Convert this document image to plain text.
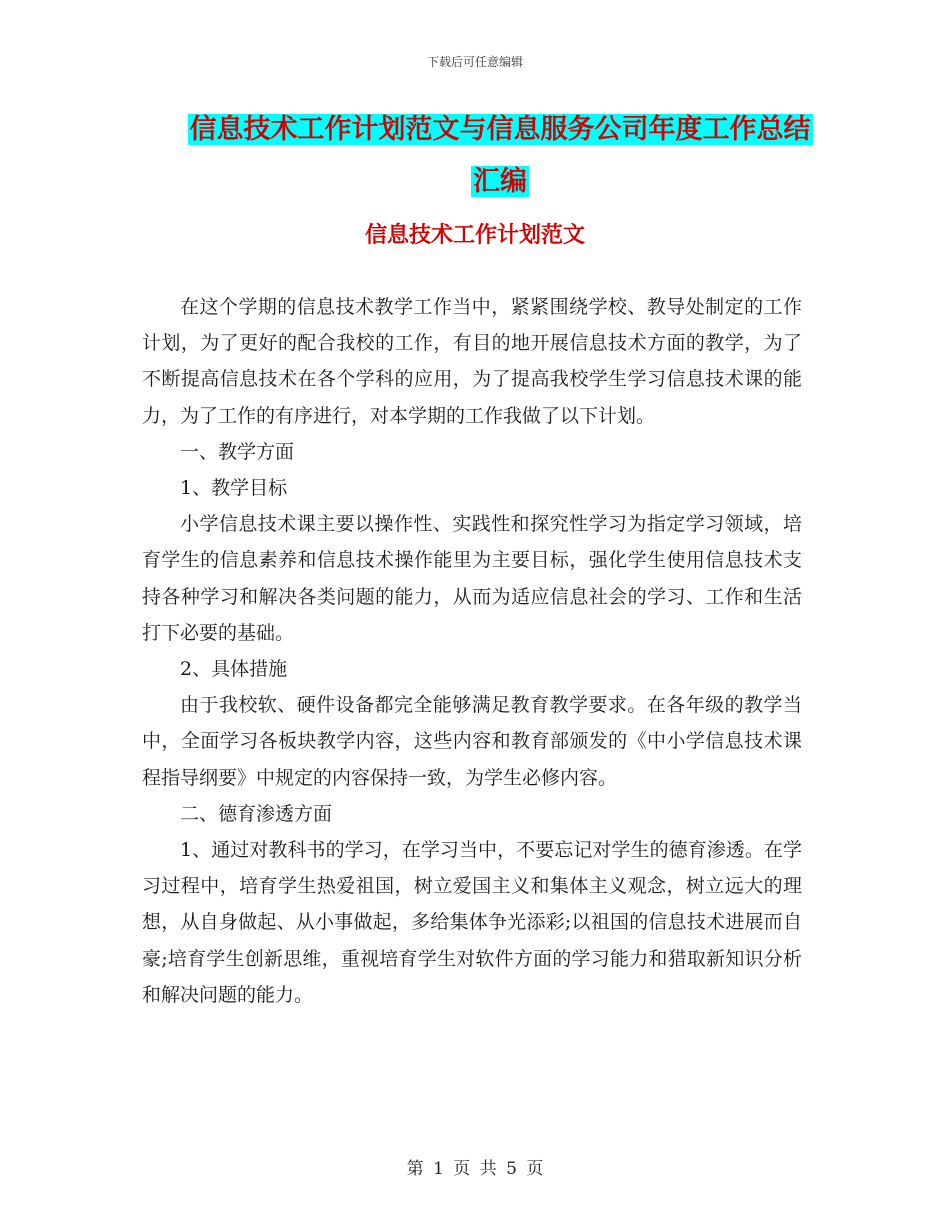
下载后可任意编辑
信息技术工作计划范文与信息服务公司年度工作总结
汇编
信息技术工作计划范文

在这个学期的信息技术教学工作当中，紧紧围绕学校、教导处制定的工作计划，为了更好的配合我校的工作，有目的地开展信息技术方面的教学，为了不断提高信息技术在各个学科的应用，为了提高我校学生学习信息技术课的能力，为了工作的有序进行，对本学期的工作我做了以下计划。

一、教学方面

1、教学目标

小学信息技术课主要以操作性、实践性和探究性学习为指定学习领域，培育学生的信息素养和信息技术操作能里为主要目标，强化学生使用信息技术支持各种学习和解决各类问题的能力，从而为适应信息社会的学习、工作和生活打下必要的基础。

2、具体措施

由于我校软、硬件设备都完全能够满足教育教学要求。在各年级的教学当中，全面学习各板块教学内容，这些内容和教育部颁发的《中小学信息技术课程指导纲要》中规定的内容保持一致，为学生必修内容。

二、德育渗透方面

1、通过对教科书的学习，在学习当中，不要忘记对学生的德育渗透。在学习过程中，培育学生热爱祖国，树立爱国主义和集体主义观念，树立远大的理想，从自身做起、从小事做起，多给集体争光添彩;以祖国的信息技术进展而自豪;培育学生创新思维，重视培育学生对软件方面的学习能力和猎取新知识分析和解决问题的能力。

第 1 页 共 5 页
